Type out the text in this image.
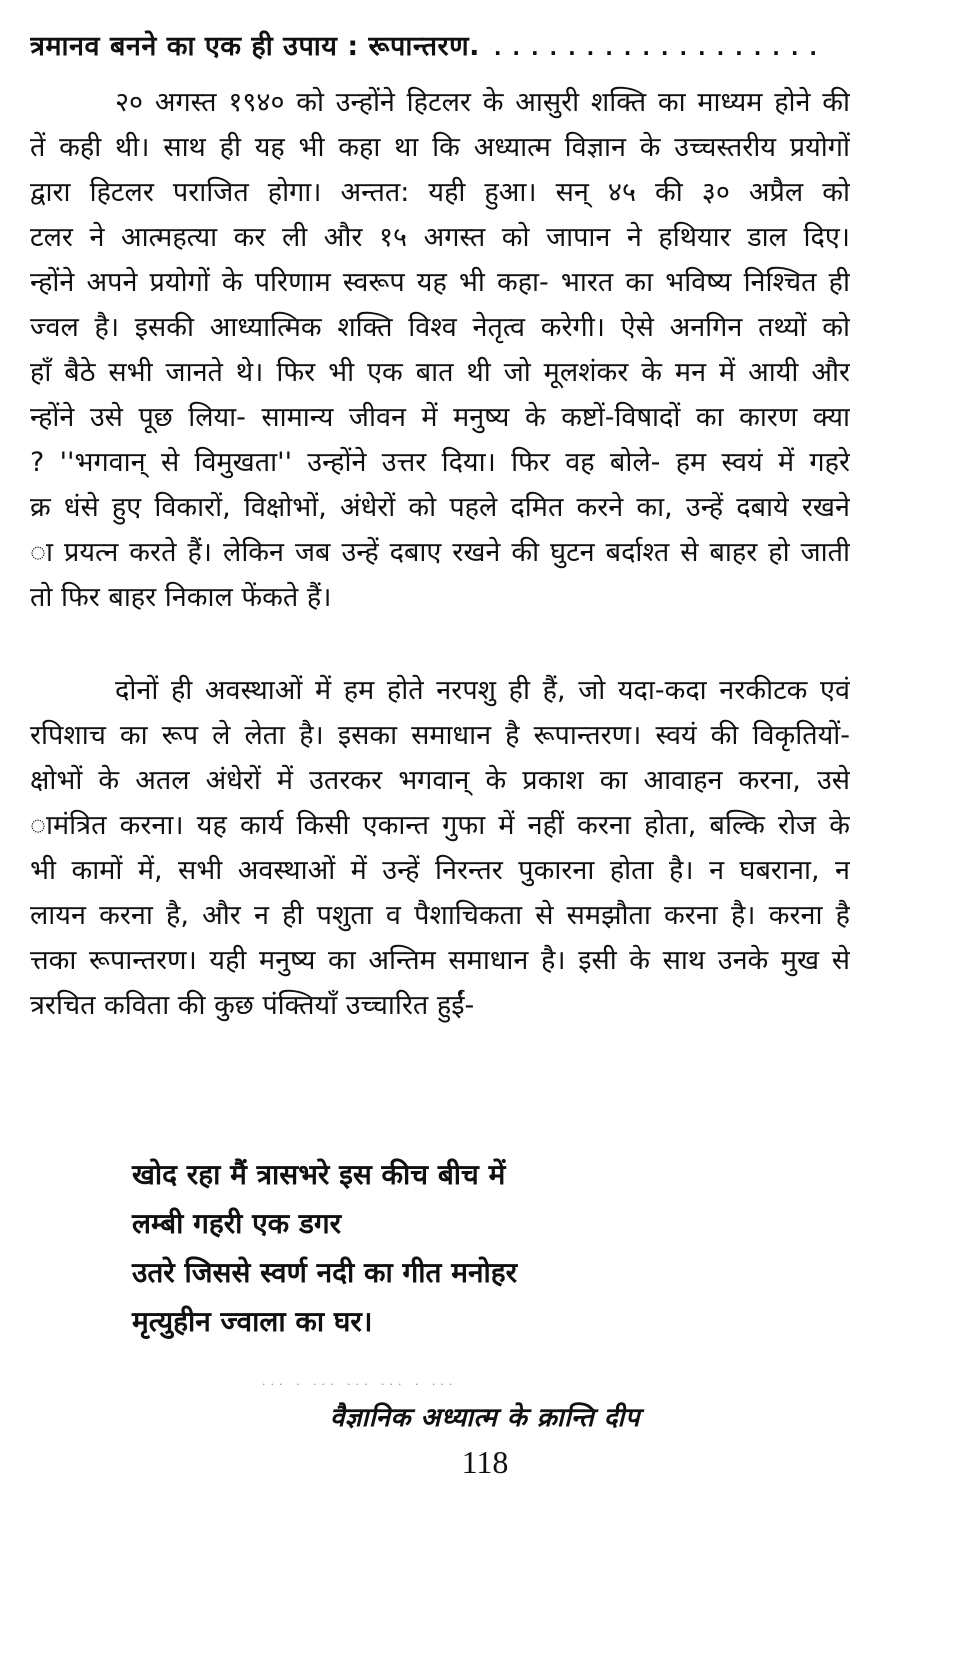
त्रमानव बनने का एक ही उपाय : रूपान्तरण. . . . . . . . . . . . . . . . . . .
२० अगस्त १९४० को उन्होंने हिटलर के आसुरी शक्ति का माध्यम होने की
तें कही थी। साथ ही यह भी कहा था कि अध्यात्म विज्ञान के उच्चस्तरीय प्रयोगों
द्वारा हिटलर पराजित होगा। अन्तत: यही हुआ। सन् ४५ की ३० अप्रैल को
टलर ने आत्महत्या कर ली और १५ अगस्त को जापान ने हथियार डाल दिए।
न्होंने अपने प्रयोगों के परिणाम स्वरूप यह भी कहा- भारत का भविष्य निश्चित ही
ज्वल है। इसकी आध्यात्मिक शक्ति विश्व नेतृत्व करेगी। ऐसे अनगिन तथ्यों को
हाँ बैठे सभी जानते थे। फिर भी एक बात थी जो मूलशंकर के मन में आयी और
न्होंने उसे पूछ लिया- सामान्य जीवन में मनुष्य के कष्टों-विषादों का कारण क्या
? ''भगवान् से विमुखता'' उन्होंने उत्तर दिया। फिर वह बोले- हम स्वयं में गहरे
क्र धंसे हुए विकारों, विक्षोभों, अंधेरों को पहले दमित करने का, उन्हें दबाये रखने
ा प्रयत्न करते हैं। लेकिन जब उन्हें दबाए रखने की घुटन बर्दाश्त से बाहर हो जाती
तो फिर बाहर निकाल फेंकते हैं।
दोनों ही अवस्थाओं में हम होते नरपशु ही हैं, जो यदा-कदा नरकीटक एवं
रपिशाच का रूप ले लेता है। इसका समाधान है रूपान्तरण। स्वयं की विकृतियों-
क्षोभों के अतल अंधेरों में उतरकर भगवान् के प्रकाश का आवाहन करना, उसे
ामंत्रित करना। यह कार्य किसी एकान्त गुफा में नहीं करना होता, बल्कि रोज के
भी कामों में, सभी अवस्थाओं में उन्हें निरन्तर पुकारना होता है। न घबराना, न
लायन करना है, और न ही पशुता व पैशाचिकता से समझौता करना है। करना है
त्तका रूपान्तरण। यही मनुष्य का अन्तिम समाधान है। इसी के साथ उनके मुख से
त्ररचित कविता की कुछ पंक्तियाँ उच्चारित हुईं-
खोद रहा मैं त्रासभरे इस कीच बीच में
लम्बी गहरी एक डगर
उतरे जिससे स्वर्ण नदी का गीत मनोहर
मृत्युहीन ज्वाला का घर।
··· · ··· ··· ··· · ···
वैज्ञानिक अध्यात्म के क्रान्ति दीप
118
